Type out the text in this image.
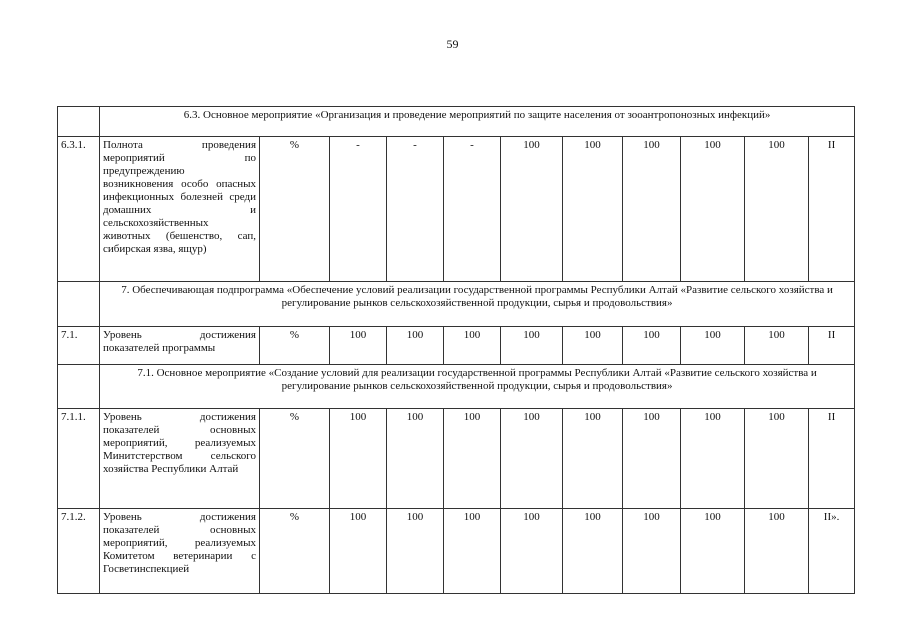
59
	6.3. Основное мероприятие «Организация и проведение мероприятий по защите населения от зооантропонозных инфекций»										
6.3.1.	Полнота проведения мероприятий по предупреждению возникновения особо опасных инфекционных болезней среди домашних и сельскохозяйственных животных (бешенство, сап, сибирская язва, ящур)	%	-	-	-	100	100	100	100	100	II
	7. Обеспечивающая подпрограмма «Обеспечение условий реализации государственной программы Республики Алтай «Развитие сельского хозяйства и регулирование рынков сельскохозяйственной продукции, сырья и продовольствия»										
7.1.	Уровень достижения показателей программы	%	100	100	100	100	100	100	100	100	II
	7.1. Основное мероприятие «Создание условий для реализации государственной программы Республики Алтай «Развитие сельского хозяйства и регулирование рынков сельскохозяйственной продукции, сырья и продовольствия»										
7.1.1.	Уровень достижения показателей основных мероприятий, реализуемых Минитстерством сельского хозяйства Республики Алтай	%	100	100	100	100	100	100	100	100	II
7.1.2.	Уровень достижения показателей основных мероприятий, реализуемых Комитетом ветеринарии с Госветинспекцией	%	100	100	100	100	100	100	100	100	II».
